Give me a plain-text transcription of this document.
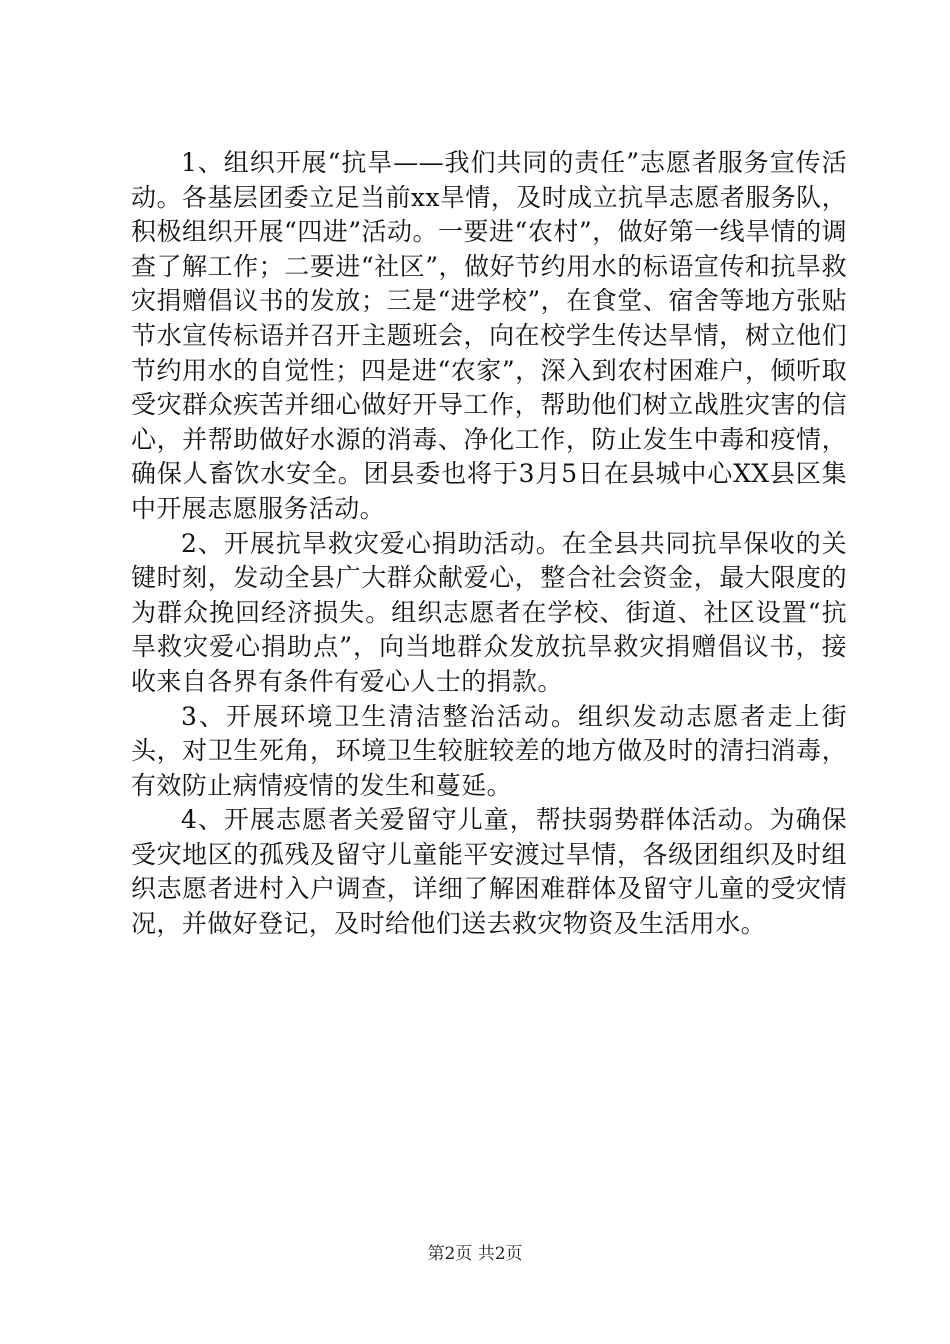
1、组织开展“抗旱——我们共同的责任”志愿者服务宣传活动。各基层团委立足当前xx旱情，及时成立抗旱志愿者服务队，积极组织开展“四进”活动。一要进“农村”，做好第一线旱情的调查了解工作；二要进“社区”，做好节约用水的标语宣传和抗旱救灾捐赠倡议书的发放；三是“进学校”，在食堂、宿舍等地方张贴节水宣传标语并召开主题班会，向在校学生传达旱情，树立他们节约用水的自觉性；四是进“农家”，深入到农村困难户，倾听取受灾群众疾苦并细心做好开导工作，帮助他们树立战胜灾害的信心，并帮助做好水源的消毒、净化工作，防止发生中毒和疫情，确保人畜饮水安全。团县委也将于3月5日在县城中心XX县区集中开展志愿服务活动。

2、开展抗旱救灾爱心捐助活动。在全县共同抗旱保收的关键时刻，发动全县广大群众献爱心，整合社会资金，最大限度的为群众挽回经济损失。组织志愿者在学校、街道、社区设置“抗旱救灾爱心捐助点”，向当地群众发放抗旱救灾捐赠倡议书，接收来自各界有条件有爱心人士的捐款。

3、开展环境卫生清洁整治活动。组织发动志愿者走上街头，对卫生死角，环境卫生较脏较差的地方做及时的清扫消毒，有效防止病情疫情的发生和蔓延。

4、开展志愿者关爱留守儿童，帮扶弱势群体活动。为确保受灾地区的孤残及留守儿童能平安渡过旱情，各级团组织及时组织志愿者进村入户调查，详细了解困难群体及留守儿童的受灾情况，并做好登记，及时给他们送去救灾物资及生活用水。

第2页 共2页
